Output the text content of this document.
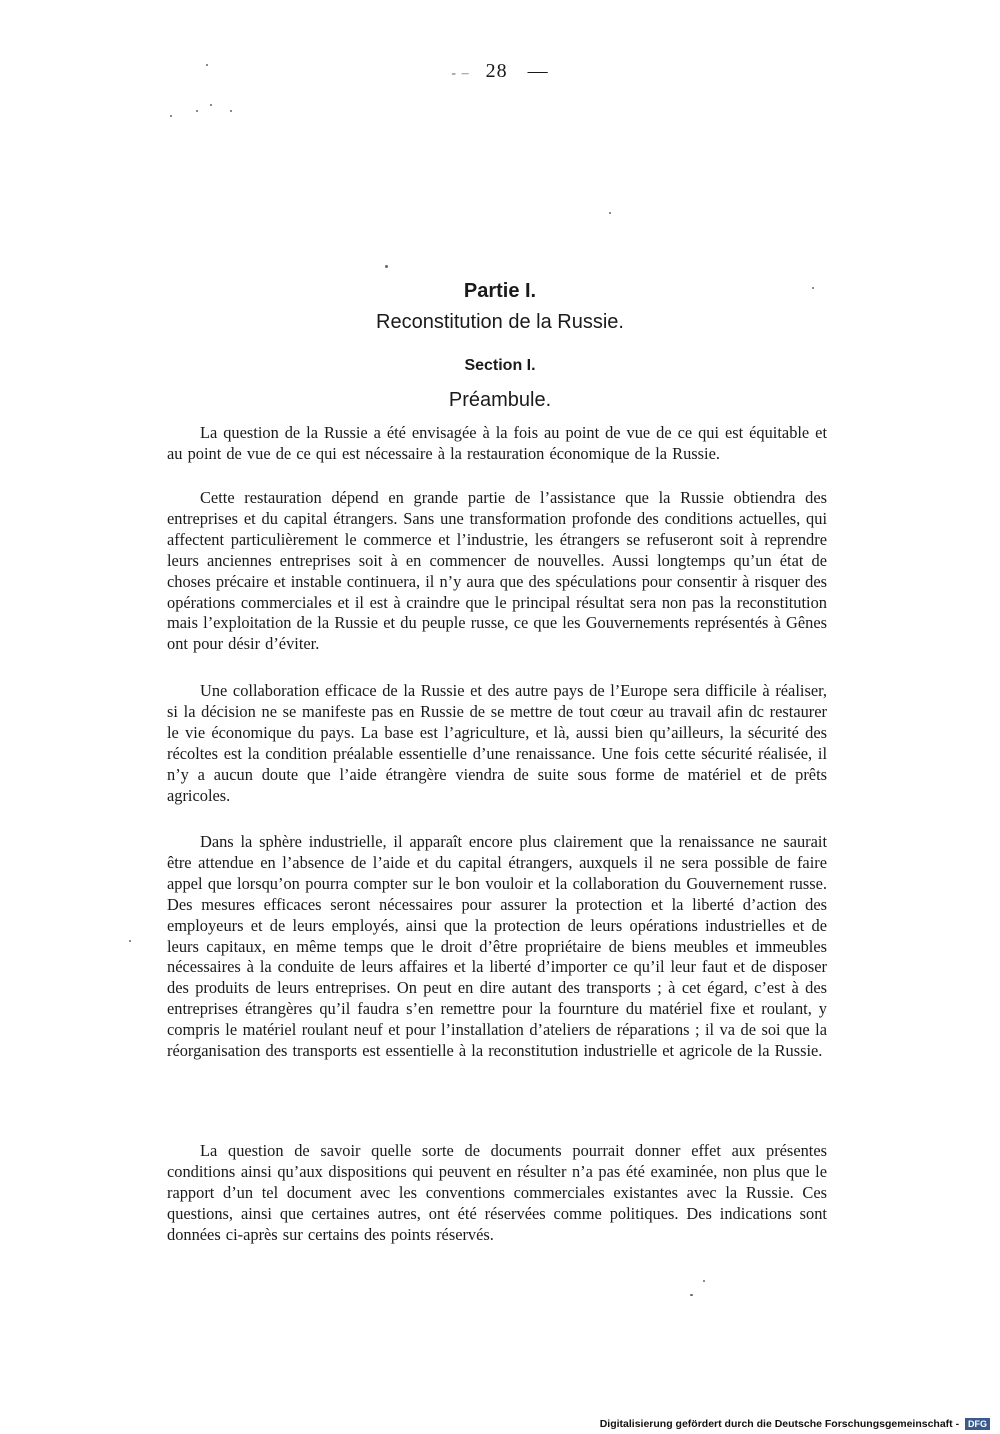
- – 28 —
Partie I.
Reconstitution de la Russie.
Section I.
Préambule.

La question de la Russie a été envisagée à la fois au point de vue de ce qui est équitable et au point de vue de ce qui est nécessaire à la restauration économique de la Russie.

Cette restauration dépend en grande partie de l’assistance que la Russie obtiendra des entreprises et du capital étrangers. Sans une transformation profonde des conditions actuelles, qui affectent particulièrement le commerce et l’industrie, les étrangers se refuseront soit à reprendre leurs anciennes entreprises soit à en commencer de nouvelles. Aussi longtemps qu’un état de choses précaire et instable continuera, il n’y aura que des spéculations pour consentir à risquer des opérations commerciales et il est à craindre que le principal résultat sera non pas la reconstitution mais l’exploitation de la Russie et du peuple russe, ce que les Gouvernements représentés à Gênes ont pour désir d’éviter.

Une collaboration efficace de la Russie et des autre pays de l’Europe sera difficile à réaliser, si la décision ne se manifeste pas en Russie de se mettre de tout cœur au travail afin dc restaurer le vie économique du pays. La base est l’agriculture, et là, aussi bien qu’ailleurs, la sécurité des récoltes est la condition préalable essentielle d’une renaissance. Une fois cette sécurité réalisée, il n’y a aucun doute que l’aide étrangère viendra de suite sous forme de matériel et de prêts agricoles.

Dans la sphère industrielle, il apparaît encore plus clairement que la renaissance ne saurait être attendue en l’absence de l’aide et du capital étrangers, auxquels il ne sera possible de faire appel que lorsqu’on pourra compter sur le bon vouloir et la collaboration du Gouvernement russe. Des mesures efficaces seront nécessaires pour assurer la protection et la liberté d’action des employeurs et de leurs employés, ainsi que la protection de leurs opérations industrielles et de leurs capitaux, en même temps que le droit d’être propriétaire de biens meubles et immeubles nécessaires à la conduite de leurs affaires et la liberté d’importer ce qu’il leur faut et de disposer des produits de leurs entreprises. On peut en dire autant des transports ; à cet égard, c’est à des entreprises étrangères qu’il faudra s’en remettre pour la fournture du matériel fixe et roulant, y compris le matériel roulant neuf et pour l’installation d’ateliers de réparations ; il va de soi que la réorganisation des transports est essentielle à la reconstitution industrielle et agricole de la Russie.

La question de savoir quelle sorte de documents pourrait donner effet aux présentes conditions ainsi qu’aux dispositions qui peuvent en résulter n’a pas été examinée, non plus que le rapport d’un tel document avec les conventions commerciales existantes avec la Russie. Ces questions, ainsi que certaines autres, ont été réservées comme politiques. Des indications sont données ci-après sur certains des points réservés.

Digitalisierung gefördert durch die Deutsche Forschungsgemeinschaft - DFG
